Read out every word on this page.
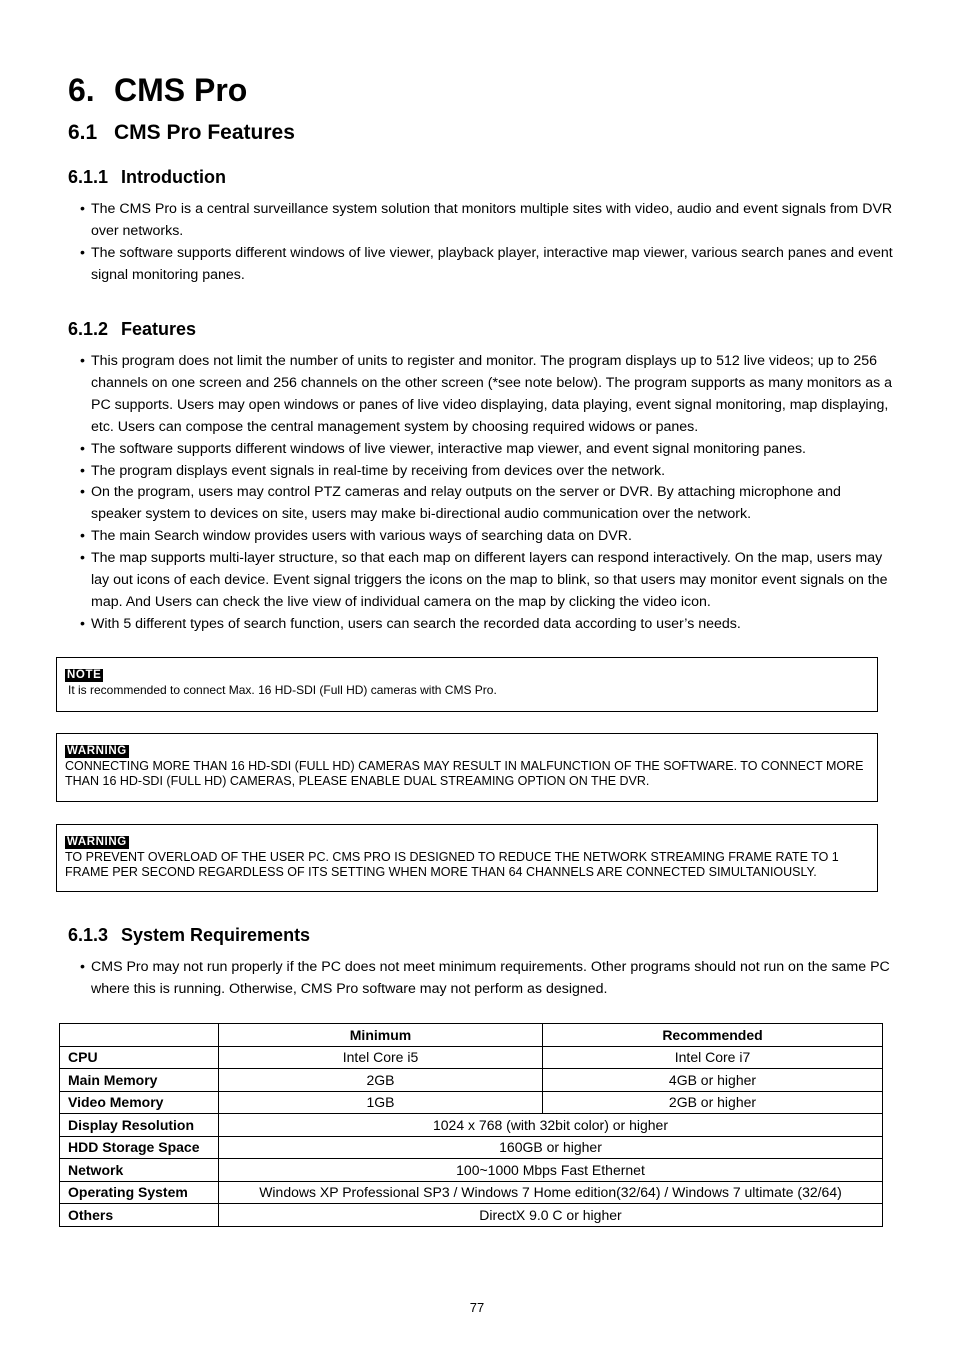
6. CMS Pro
6.1 CMS Pro Features
6.1.1 Introduction
• The CMS Pro is a central surveillance system solution that monitors multiple sites with video, audio and event signals from DVR over networks.
• The software supports different windows of live viewer, playback player, interactive map viewer, various search panes and event signal monitoring panes.
6.1.2 Features
• This program does not limit the number of units to register and monitor. The program displays up to 512 live videos; up to 256 channels on one screen and 256 channels on the other screen (*see note below). The program supports as many monitors as a PC supports. Users may open windows or panes of live video displaying, data playing, event signal monitoring, map displaying, etc. Users can compose the central management system by choosing required widows or panes.
• The software supports different windows of live viewer, interactive map viewer, and event signal monitoring panes.
• The program displays event signals in real-time by receiving from devices over the network.
• On the program, users may control PTZ cameras and relay outputs on the server or DVR. By attaching microphone and speaker system to devices on site, users may make bi-directional audio communication over the network.
• The main Search window provides users with various ways of searching data on DVR.
• The map supports multi-layer structure, so that each map on different layers can respond interactively. On the map, users may lay out icons of each device. Event signal triggers the icons on the map to blink, so that users may monitor event signals on the map. And Users can check the live view of individual camera on the map by clicking the video icon.
• With 5 different types of search function, users can search the recorded data according to user’s needs.
NOTE
It is recommended to connect Max. 16 HD-SDI (Full HD) cameras with CMS Pro.
WARNING
CONNECTING MORE THAN 16 HD-SDI (FULL HD) CAMERAS MAY RESULT IN MALFUNCTION OF THE SOFTWARE. TO CONNECT MORE THAN 16 HD-SDI (FULL HD) CAMERAS, PLEASE ENABLE DUAL STREAMING OPTION ON THE DVR.
WARNING
TO PREVENT OVERLOAD OF THE USER PC. CMS PRO IS DESIGNED TO REDUCE THE NETWORK STREAMING FRAME RATE TO 1 FRAME PER SECOND REGARDLESS OF ITS SETTING WHEN MORE THAN 64 CHANNELS ARE CONNECTED SIMULTANIOUSLY.
6.1.3 System Requirements
• CMS Pro may not run properly if the PC does not meet minimum requirements. Other programs should not run on the same PC where this is running. Otherwise, CMS Pro software may not perform as designed.
	Minimum	Recommended
CPU	Intel Core i5	Intel Core i7
Main Memory	2GB	4GB or higher
Video Memory	1GB	2GB or higher
Display Resolution	1024 x 768 (with 32bit color) or higher	
HDD Storage Space	160GB or higher	
Network	100~1000 Mbps Fast Ethernet	
Operating System	Windows XP Professional SP3 / Windows 7 Home edition(32/64) / Windows 7 ultimate (32/64)	
Others	DirectX 9.0 C or higher	
77
